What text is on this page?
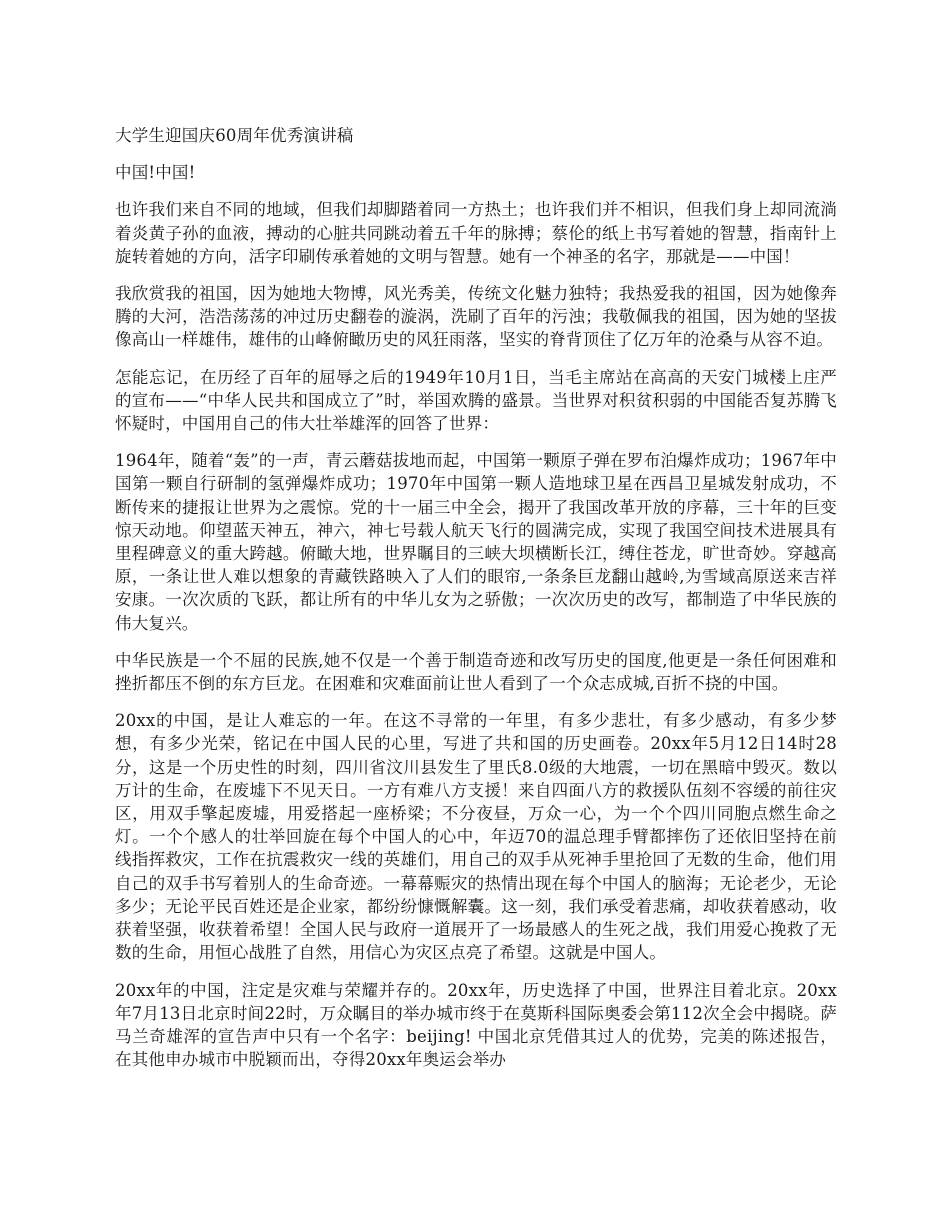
大学生迎国庆60周年优秀演讲稿
中国!中国!

也许我们来自不同的地域，但我们却脚踏着同一方热土；也许我们并不相识，但我们身上却同流淌着炎黄子孙的血液，搏动的心脏共同跳动着五千年的脉搏；蔡伦的纸上书写着她的智慧，指南针上旋转着她的方向，活字印刷传承着她的文明与智慧。她有一个神圣的名字，那就是——中国！

我欣赏我的祖国，因为她地大物博，风光秀美，传统文化魅力独特；我热爱我的祖国，因为她像奔腾的大河，浩浩荡荡的冲过历史翻卷的漩涡，洗刷了百年的污浊；我敬佩我的祖国，因为她的坚拔像高山一样雄伟，雄伟的山峰俯瞰历史的风狂雨落，坚实的脊背顶住了亿万年的沧桑与从容不迫。

怎能忘记，在历经了百年的屈辱之后的1949年10月1日，当毛主席站在高高的天安门城楼上庄严的宣布——“中华人民共和国成立了”时，举国欢腾的盛景。当世界对积贫积弱的中国能否复苏腾飞怀疑时，中国用自己的伟大壮举雄浑的回答了世界：

1964年，随着“轰”的一声，青云蘑菇拔地而起，中国第一颗原子弹在罗布泊爆炸成功；1967年中国第一颗自行研制的氢弹爆炸成功；1970年中国第一颗人造地球卫星在西昌卫星城发射成功，不断传来的捷报让世界为之震惊。党的十一届三中全会，揭开了我国改革开放的序幕，三十年的巨变惊天动地。仰望蓝天神五，神六，神七号载人航天飞行的圆满完成，实现了我国空间技术进展具有里程碑意义的重大跨越。俯瞰大地，世界瞩目的三峡大坝横断长江，缚住苍龙，旷世奇妙。穿越高原，一条让世人难以想象的青藏铁路映入了人们的眼帘,一条条巨龙翻山越岭,为雪域高原送来吉祥安康。一次次质的飞跃，都让所有的中华儿女为之骄傲；一次次历史的改写，都制造了中华民族的伟大复兴。

中华民族是一个不屈的民族,她不仅是一个善于制造奇迹和改写历史的国度,他更是一条任何困难和挫折都压不倒的东方巨龙。在困难和灾难面前让世人看到了一个众志成城,百折不挠的中国。

20xx的中国，是让人难忘的一年。在这不寻常的一年里，有多少悲壮，有多少感动，有多少梦想，有多少光荣，铭记在中国人民的心里，写进了共和国的历史画卷。20xx年5月12日14时28分，这是一个历史性的时刻，四川省汶川县发生了里氏8.0级的大地震，一切在黑暗中毁灭。数以万计的生命，在废墟下不见天日。一方有难八方支援！来自四面八方的救援队伍刻不容缓的前往灾区，用双手擎起废墟，用爱搭起一座桥梁；不分夜昼，万众一心，为一个个四川同胞点燃生命之灯。一个个感人的壮举回旋在每个中国人的心中，年迈70的温总理手臂都摔伤了还依旧坚持在前线指挥救灾，工作在抗震救灾一线的英雄们，用自己的双手从死神手里抢回了无数的生命，他们用自己的双手书写着别人的生命奇迹。一幕幕赈灾的热情出现在每个中国人的脑海；无论老少，无论多少；无论平民百姓还是企业家，都纷纷慷慨解囊。这一刻，我们承受着悲痛，却收获着感动，收获着坚强，收获着希望！全国人民与政府一道展开了一场最感人的生死之战，我们用爱心挽救了无数的生命，用恒心战胜了自然，用信心为灾区点亮了希望。这就是中国人。

20xx年的中国，注定是灾难与荣耀并存的。20xx年，历史选择了中国，世界注目着北京。20xx年7月13日北京时间22时，万众瞩目的举办城市终于在莫斯科国际奥委会第112次全会中揭晓。萨马兰奇雄浑的宣告声中只有一个名字：beijing! 中国北京凭借其过人的优势，完美的陈述报告，在其他申办城市中脱颖而出，夺得20xx年奥运会举办
